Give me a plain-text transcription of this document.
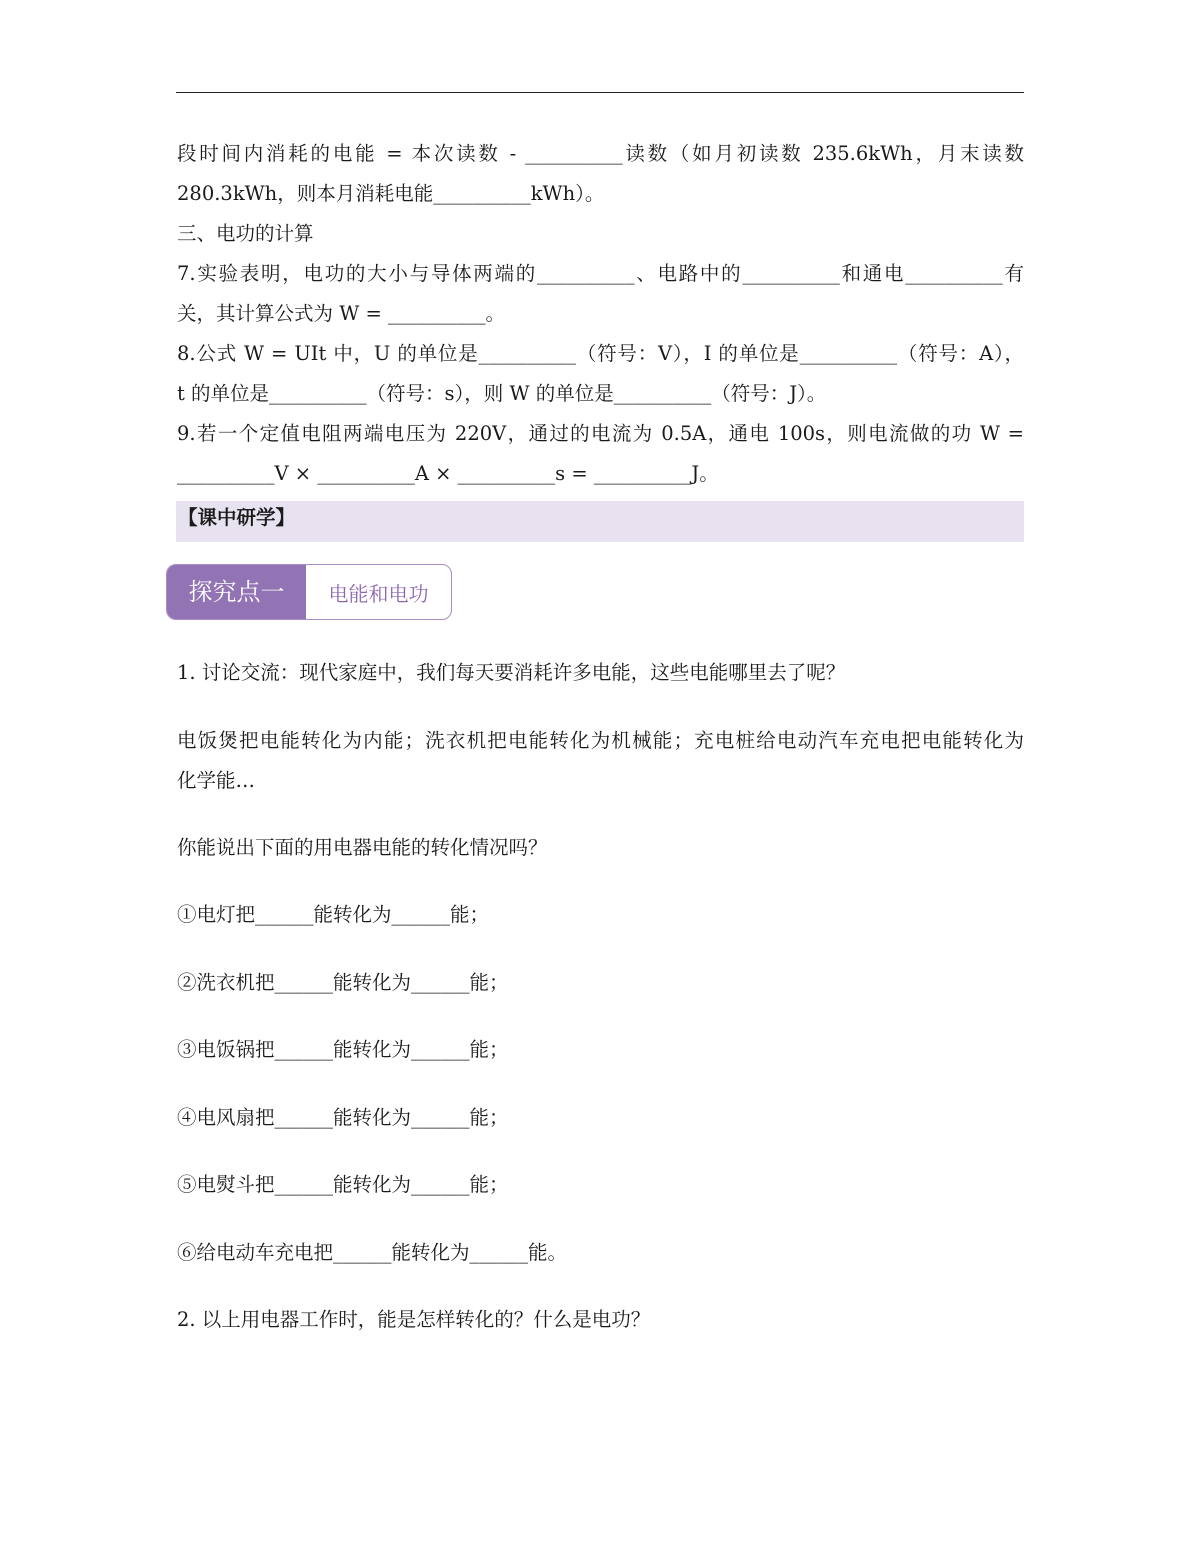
段时间内消耗的电能 = 本次读数 - __________读数（如月初读数 235.6kWh，月末读数
280.3kWh，则本月消耗电能__________kWh）。
三、电功的计算
7.实验表明，电功的大小与导体两端的__________、电路中的__________和通电__________有
关，其计算公式为 W = __________。
8.公式 W = UIt 中，U 的单位是__________（符号：V），I 的单位是__________（符号：A），
t 的单位是__________（符号：s），则 W 的单位是__________（符号：J）。
9.若一个定值电阻两端电压为 220V，通过的电流为 0.5A，通电 100s，则电流做的功 W =
__________V × __________A × __________s = __________J。
【课中研学】
探究点一	电能和电功
1. 讨论交流：现代家庭中，我们每天要消耗许多电能，这些电能哪里去了呢？
电饭煲把电能转化为内能；洗衣机把电能转化为机械能；充电桩给电动汽车充电把电能转化为
化学能…
你能说出下面的用电器电能的转化情况吗？
①电灯把______能转化为______能；
②洗衣机把______能转化为______能；
③电饭锅把______能转化为______能；
④电风扇把______能转化为______能；
⑤电熨斗把______能转化为______能；
⑥给电动车充电把______能转化为______能。
2. 以上用电器工作时，能是怎样转化的？什么是电功？
